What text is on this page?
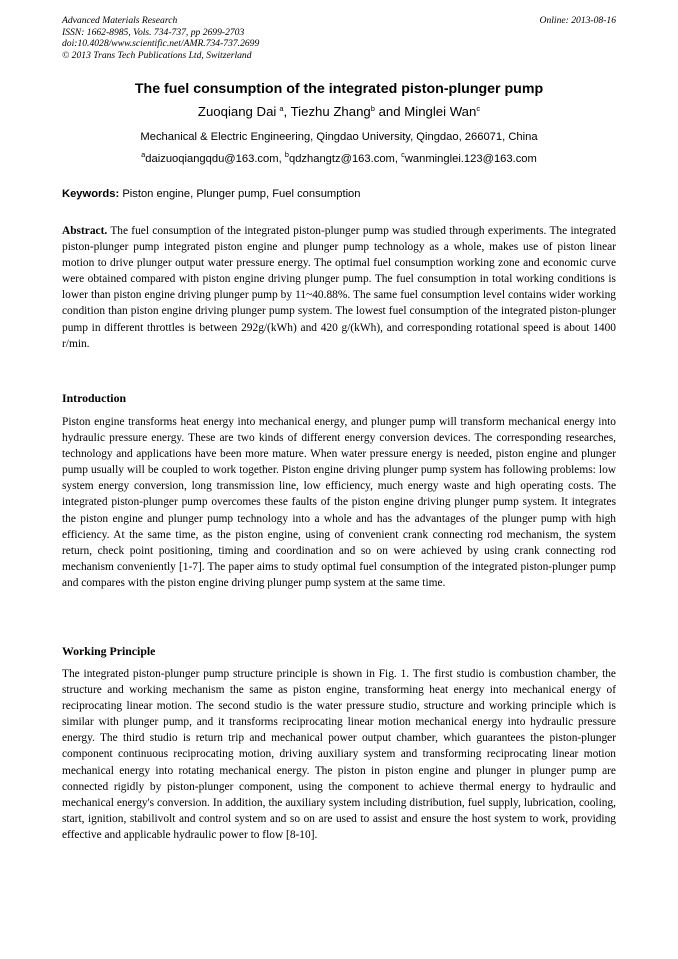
Advanced Materials Research
ISSN: 1662-8985, Vols. 734-737, pp 2699-2703
doi:10.4028/www.scientific.net/AMR.734-737.2699
© 2013 Trans Tech Publications Ltd, Switzerland
Online: 2013-08-16
The fuel consumption of the integrated piston-plunger pump
Zuoqiang Dai $^a$, Tiezhu Zhang$^b$ and Minglei Wan$^c$
Mechanical & Electric Engineering, Qingdao University, Qingdao, 266071, China
$^a$daizuoqiangqdu@163.com, $^b$qdzhangtz@163.com, $^c$wanminglei.123@163.com
Keywords: Piston engine, Plunger pump, Fuel consumption
Abstract. The fuel consumption of the integrated piston-plunger pump was studied through experiments. The integrated piston-plunger pump integrated piston engine and plunger pump technology as a whole, makes use of piston linear motion to drive plunger output water pressure energy. The optimal fuel consumption working zone and economic curve were obtained compared with piston engine driving plunger pump. The fuel consumption in total working conditions is lower than piston engine driving plunger pump by 11~40.88%. The same fuel consumption level contains wider working condition than piston engine driving plunger pump system. The lowest fuel consumption of the integrated piston-plunger pump in different throttles is between 292g/(kWh) and 420 g/(kWh), and corresponding rotational speed is about 1400 r/min.
Introduction
Piston engine transforms heat energy into mechanical energy, and plunger pump will transform mechanical energy into hydraulic pressure energy. These are two kinds of different energy conversion devices. The corresponding researches, technology and applications have been more mature. When water pressure energy is needed, piston engine and plunger pump usually will be coupled to work together. Piston engine driving plunger pump system has following problems: low system energy conversion, long transmission line, low efficiency, much energy waste and high operating costs. The integrated piston-plunger pump overcomes these faults of the piston engine driving plunger pump system. It integrates the piston engine and plunger pump technology into a whole and has the advantages of the plunger pump with high efficiency. At the same time, as the piston engine, using of convenient crank connecting rod mechanism, the system return, check point positioning, timing and coordination and so on were achieved by using crank connecting rod mechanism conveniently [1-7]. The paper aims to study optimal fuel consumption of the integrated piston-plunger pump and compares with the piston engine driving plunger pump system at the same time.
Working Principle
The integrated piston-plunger pump structure principle is shown in Fig. 1. The first studio is combustion chamber, the structure and working mechanism the same as piston engine, transforming heat energy into mechanical energy of reciprocating linear motion. The second studio is the water pressure studio, structure and working principle which is similar with plunger pump, and it transforms reciprocating linear motion mechanical energy into hydraulic pressure energy. The third studio is return trip and mechanical power output chamber, which guarantees the piston-plunger component continuous reciprocating motion, driving auxiliary system and transforming reciprocating linear motion mechanical energy into rotating mechanical energy. The piston in piston engine and plunger in plunger pump are connected rigidly by piston-plunger component, using the component to achieve thermal energy to hydraulic and mechanical energy's conversion. In addition, the auxiliary system including distribution, fuel supply, lubrication, cooling, start, ignition, stabilivolt and control system and so on are used to assist and ensure the host system to work, providing effective and applicable hydraulic power to flow [8-10].
